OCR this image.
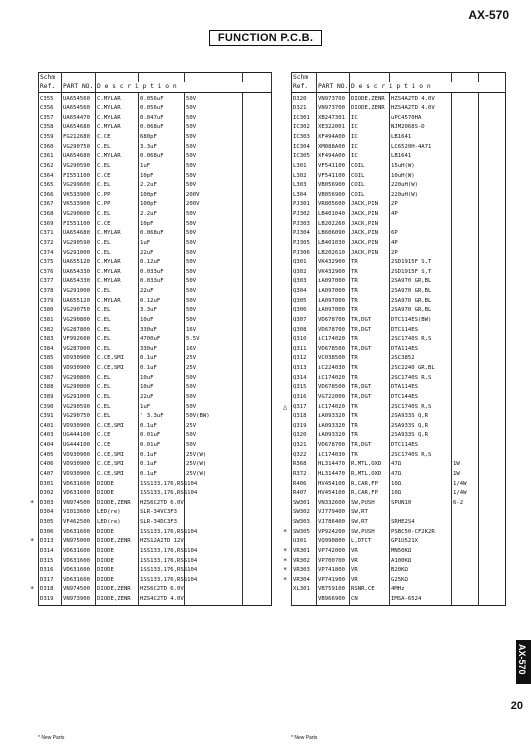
AX-570
FUNCTION P.C.B.
Schm					
Ref.	PART NO.	D e s c r i p t i o n			
C355	UA654560	C.MYLAR	0.056uF	50V	
C356	UA654560	C.MYLAR	0.056uF	50V	
C357	UA654470	C.MYLAR	0.047uF	50V	
C358	UA654680	C.MYLAR	0.068uF	50V	
C359	FG212680	C.CE	680pF	50V	
C360	VG290750	C.EL	3.3uF	50V	
C361	UA654680	C.MYLAR	0.068uF	50V	
C362	VG290590	C.EL	1uF	50V	
C364	FI551100	C.CE	10pF	50V	
C365	VG299600	C.EL	2.2uF	50V	
C366	VK533900	C.PP	100pF	200V	
C367	VK533900	C.PP	100pF	200V	
C368	VG290600	C.EL	2.2uF	50V	
C369	FI551100	C.CE	10pF	50V	
C371	UA654680	C.MYLAR	0.068uF	50V	
C372	VG290590	C.EL	1uF	50V	
C374	VG291000	C.EL	22uF	50V	
C375	UA655120	C.MYLAR	0.12uF	50V	
C376	UA654330	C.MYLAR	0.033uF	50V	
C377	UA654330	C.MYLAR	0.033uF	50V	
C378	VG291000	C.EL	22uF	50V	
C379	UA655120	C.MYLAR	0.12uF	50V	
C380	VG290750	C.EL	3.3uF	50V	
C381	VG290800	C.EL	10uF	50V	
C382	VG287800	C.EL	330uF	16V	
C383	VF992600	C.EL	4700uF	5.5V	
C384	VG287800	C.EL	330uF	16V	
C385	VD930900	C.CE,SMI	0.1uF	25V	
C386	VD930900	C.CE,SMI	0.1uF	25V	
C387	VG290800	C.EL	10uF	50V	
C388	VG290800	C.EL	10uF	50V	
C389	VG291000	C.EL	22uF	50V	
C390	VG290590	C.EL	1uF	50V	
C391	VG290750	C.EL	' 3.3uF	50V(BW)	
C401	VD930900	C.CE,SMI	0.1uF	25V	
C403	UG444100	C.CE	0.01uF	50V	
C404	UG444100	C.CE	0.01uF	50V	
C405	VD930900	C.CE,SMI	0.1uF	25V(W)	
C406	VD930900	C.CE,SMI	0.1uF	25V(W)	
C407	VD930900	C.CE,SMI	0.1uF	25V(W)	
D301	VD631600	DIODE	1SS133,176,RSS104		
D302	VD631600	DIODE	1SS133,176,RSS104		

* D303	VN974500	DIODE,ZENR	HZS6C2TD 6.0V		
D304	VI013600	LED(re)	SLR-34VC3F3		
D305	VF462500	LED(re)	SLR-34DC3F3		
D306	VD631600	DIODE	1SS133,176,RSS104		

* D313	VN975000	DIODE,ZENR	HZS12A2TD 12V		
D314	VD631600	DIODE	1SS133,176,RSS104		
D315	VD631600	DIODE	1SS133,176,RSS104		
D316	VD631600	DIODE	1SS133,176,RSS104		
D317	VD631600	DIODE	1SS133,176,RSS104		

* D318	VN974500	DIODE,ZENR	HZS6C2TD 6.0V		
D319	VN973900	DIODE,ZENR	HZS4C2TD 4.0V		
Schm					
Ref.	PART NO.	D e s c r i p t i o n			
D320	VN973700	DIODE,ZENR	HZS4A2TD 4.0V		
D321	VN973700	DIODE,ZENR	HZS4A2TD 4.0V		
IC301	XB247301	IC	uPC4570HA		
IC302	XE322001	IC	NJM2068S-D		
IC303	XF494A00	IC	LB1641		
IC304	XM088A00	IC	LC6520H-4A71		
IC305	XF494A00	IC	LB1641		
L301	VF541100	COIL	15uH(W)		
L302	VF541100	COIL	10uH(W)		
L303	VB056900	COIL	220uH(W)		
L304	VB056900	COIL	220uH(W)		
PJ301	VR805600	JACK,PIN	2P		
PJ302	LB401040	JACK,PIN	4P		
PJ303	LB202260	JACK,PIN			
PJ304	LB606090	JACK,PIN	6P		
PJ305	LB401030	JACK,PIN	4P		
PJ306	LB202610	JACK,PIN	2P		
Q301	VK432900	TR	2SD1915F S,T		
Q302	VK432900	TR	2SD1915F S,T		
Q303	iA097000	TR	2SA970 GR,BL		
Q304	iA097000	TR	2SA970 GR,BL		
Q305	iA097000	TR	2SA970 GR,BL		
Q306	iA097000	TR	2SA970 GR,BL		
Q307	VD678700	TR,DGT	DTC114ES(BW)		
Q308	VD678700	TR,DGT	DTC114ES		
Q310	iC174020	TR	2SC1740S R,S		
Q311	VD678500	TR,DGT	DTA114ES		
Q312	VC038500	TR	2SC3852		
Q313	iC224030	TR	2SC2240 GR,BL		
Q314	iC174020	TR	2SC1740S R,S		
Q315	VD678500	TR,DGT	DTA114ES		
Q316	VG722000	TR,DGT	DTC144ES		

△ Q317	iC174020	TR	2SC1740S R,S		
Q318	iA093320	TR	2SA933S Q,R		
Q319	iA093320	TR	2SA933S Q,R		
Q320	iA093320	TR	2SA933S Q,R		
Q321	VD678700	TR,DGT	DTC114ES		
Q322	iC174030	TR	2SC1740S R,S		
R368	HL314470	R,MTL,OXD	47Ω	1W	
R372	HL314470	R,MTL,OXD	47Ω	1W	
R406	HV454100	R,CAR,FP	10Ω	1/4W	
R407	HV454100	R,CAR,FP	10Ω	1/4W	
SW301	VN332600	SW,PUSH	SPUN10	6-2	
SW302	VJ779400	SW,RT			
SW303	VJ786400	SW,RT	SRHE2S4		

* SW305	VP924200	SW,PUSH	PSBC50-CF2K2R		
U301	VQ990800	L,DTCT	GP1U521X		

* VR301	VP742000	VR	MN50KΩ		

* VR302	VP700700	VR	A100KΩ		

* VR303	VP741800	VR	B20KΩ		

* VR304	VP741900	VR	G25KΩ		
XL301	VB759100	RSNR,CE	4MHz		
	VB966900	CN	IMSA-6524		
* New Parts	* New Parts
20
AX-570
